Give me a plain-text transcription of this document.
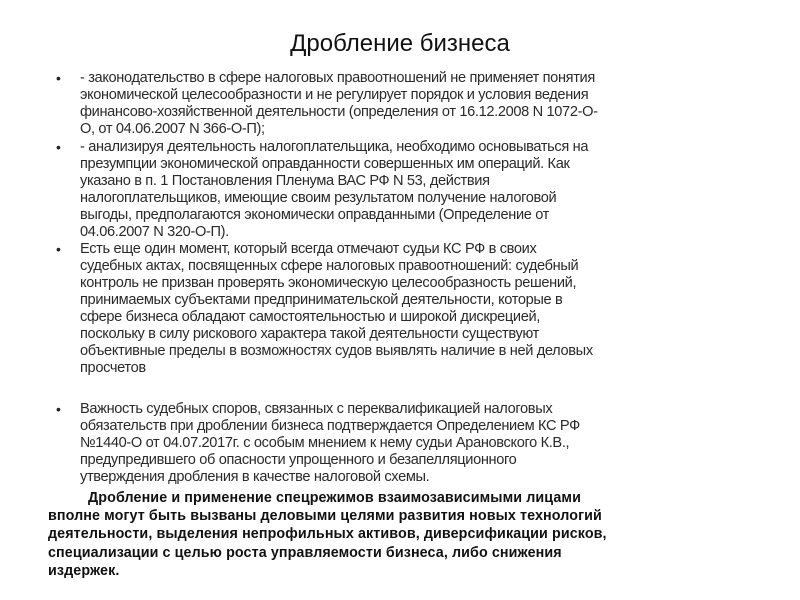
Дробление бизнеса
• - законодательство в сфере налоговых правоотношений не применяет понятия
экономической целесообразности и не регулирует порядок и условия ведения
финансово-хозяйственной деятельности (определения от 16.12.2008 N 1072-О-
О, от 04.06.2007 N 366-О-П);
• - анализируя деятельность налогоплательщика, необходимо основываться на
презумпции экономической оправданности совершенных им операций. Как
указано в п. 1 Постановления Пленума ВАС РФ N 53, действия
налогоплательщиков, имеющие своим результатом получение налоговой
выгоды, предполагаются экономически оправданными (Определение от
04.06.2007 N 320-О-П).
• Есть еще один момент, который всегда отмечают судьи КС РФ в своих
судебных актах, посвященных сфере налоговых правоотношений: судебный
контроль не призван проверять экономическую целесообразность решений,
принимаемых субъектами предпринимательской деятельности, которые в
сфере бизнеса обладают самостоятельностью и широкой дискрецией,
поскольку в силу рискового характера такой деятельности существуют
объективные пределы в возможностях судов выявлять наличие в ней деловых
просчетов
• Важность судебных споров, связанных с переквалификацией налоговых
обязательств при дроблении бизнеса подтверждается Определением КС РФ
№1440-О от 04.07.2017г. с особым мнением к нему судьи Арановского К.В.,
предупредившего об опасности упрощенного и безапелляционного
утверждения дробления в качестве налоговой схемы.
Дробление и применение спецрежимов взаимозависимыми лицами
вполне могут быть вызваны деловыми целями развития новых технологий
деятельности, выделения непрофильных активов, диверсификации рисков,
специализации с целью роста управляемости бизнеса, либо снижения
издержек.
